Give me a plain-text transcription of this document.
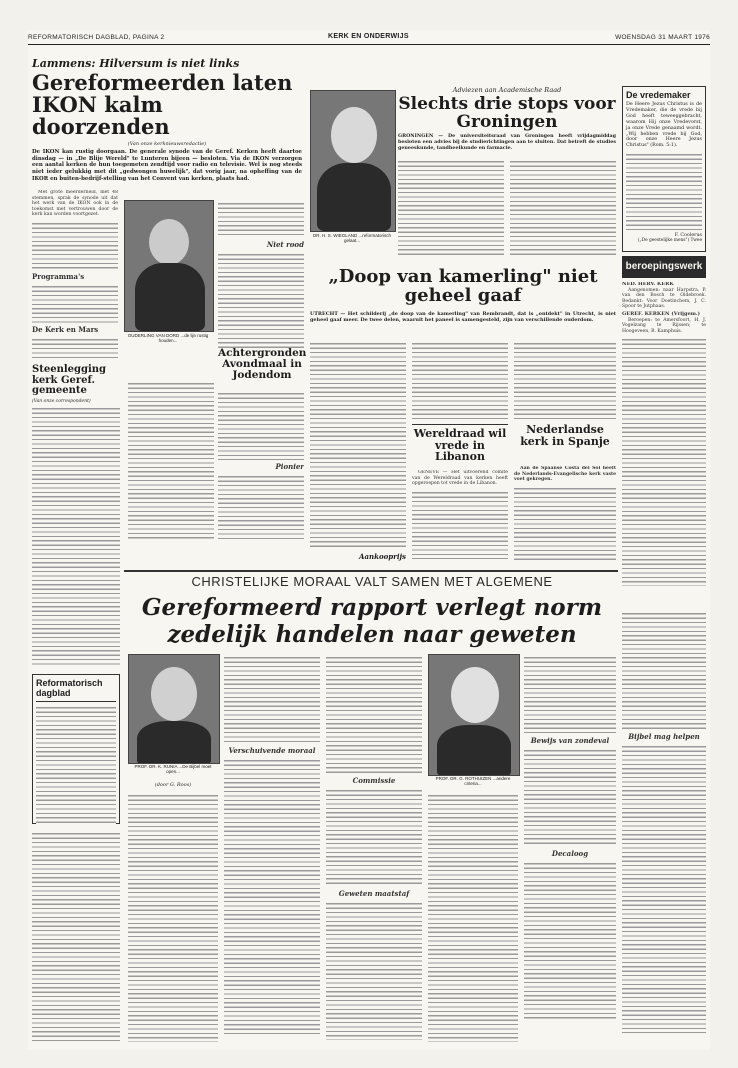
REFORMATORISCH DAGBLAD, PAGINA 2	KERK EN ONDERWIJS	WOENSDAG 31 MAART 1976
Lammens: Hilversum is niet links
Gereformeerden laten IKON kalm doorzenden
(Van onze kerknieuwsredactie)
De IKON kan rustig doorgaan. De generale synode van de Geref. Kerken heeft daartoe dinsdag — in „De Blije Wereld" te Lunteren bijeen — besloten. Via de IKON verzorgen een aantal kerken de hun toegemeten zendtijd voor radio en televisie. Wel is nog steeds niet ieder gelukkig met dit „gedwongen huwelijk", dat vorig jaar, na opheffing van de IKOR en buiten-bedrijf-stelling van het Convent van kerken, plaats had.

Met grote meerderheid, met 48 stemmen, sprak de synode uit dat het werk van de IKON ook in de toekomst met vertrouwen door de kerk kan worden voortgezet.

Programma's
De Kerk en Mars
OUDERLING VAN DORD ...de lijn rustig houden...
Niet rood
Achtergronden Avondmaal in Jodendom
Pionier
Steenlegging kerk Geref. gemeente
(Van onze correspondent)
DR. H. S. WIEGLAND ...reformatorisch gelaat...
Adviezen aan Academische Raad
Slechts drie stops voor Groningen
GRONINGEN — De universiteitsraad van Groningen heeft vrijdagmiddag besloten een advies bij de studierichtingen aan te sluiten. Dat betreft de studies geneeskunde, tandheelkunde en farmacie.
De vredemaker
De Heere Jezus Christus is de Vredemaker, die de vrede bij God heeft teweeggebracht, waarom Hij onze Vredevorst, ja onze Vrede genaamd wordt. „Wij hebben vrede bij God, door onze Heere Jezus Christus" (Rom. 5:1).
F. Coolerus
(„De geestelijke mens") Twee
beroepingswerk
NED. HERV. KERK

Aangenomen: naar Harpstra, P. van den Bosch te Oldebroek. Bedankt: Voor Doetinchem, J. C. Spoor te Jutphaas.

GEREF. KERKEN (Vrijgem.)

Beroepen: te Amersfoort, H. J. Vogelzang te Rijssen; te Hoogeveen, B. Kamphuis.

„Doop van kamerling" niet geheel gaaf
UTRECHT — Het schilderij „de doop van de kamerling" van Rembrandt, dat is „ontdekt" in Utrecht, is niet geheel gaaf meer. De twee delen, waaruit het paneel is samengesteld, zijn van verschillende ouderdom.
Wereldraad wil vrede in Libanon

GENEVE — Het uitvoerend comité van de Wereldraad van kerken heeft opgeroepen tot vrede in de Libanon.

Aankooprijs
Nederlandse kerk in Spanje

Aan de Spaanse Costa del Sol heeft de Nederlands-Evangelische kerk vaste voet gekregen.

CHRISTELIJKE MORAAL VALT SAMEN MET ALGEMENE
Gereformeerd rapport verlegt norm zedelijk handelen naar geweten
PROF. DR. K. RUNIA ...De Bijbel moet open...
(door G. Roos)
Verschuivende moraal
Commissie
Geweten maatstaf
PROF. DR. G. ROTHUIZEN ...andere criteria...
Bewijs van zondeval
Decaloog
Bijbel mag helpen
Reformatorisch dagblad
